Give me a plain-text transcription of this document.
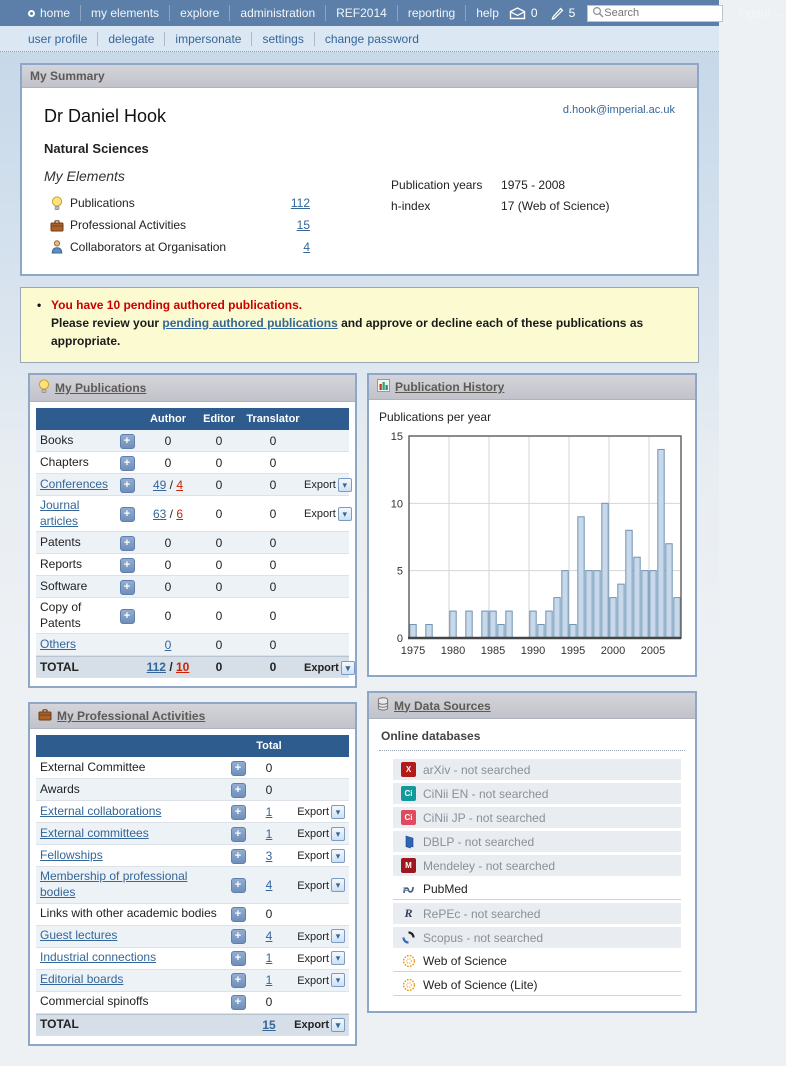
home	my elements	explore	administration	REF2014	reporting	help	0	5
Search	logout →
user profile	delegate	impersonate	settings	change password
My Summary
Dr Daniel Hook
Natural Sciences
My Elements
Publications	112
Professional Activities	15
Collaborators at Organisation	4
d.hook@imperial.ac.uk
Publication years	1975 - 2008
h-index	17 (Web of Science)
• You have 10 pending authored publications.
Please review your pending authored publications and approve or decline each of these publications as appropriate.
My Publications
Author	Editor	Translator
Books	+	0	0	0
Chapters	+	0	0	0
Conferences	+	49 / 4	0	0	Export ▾
Journal articles	+	63 / 6	0	0	Export ▾
Patents	+	0	0	0
Reports	+	0	0	0
Software	+	0	0	0
Copy of Patents	+	0	0	0
Others	0	0	0
TOTAL	112 / 10	0	0	Export ▾
My Professional Activities
Total
External Committee	+	0
Awards	+	0
External collaborations	+	1	Export ▾
External committees	+	1	Export ▾
Fellowships	+	3	Export ▾
Membership of professional bodies	+	4	Export ▾
Links with other academic bodies	+	0
Guest lectures	+	4	Export ▾
Industrial connections	+	1	Export ▾
Editorial boards	+	1	Export ▾
Commercial spinoffs	+	0
TOTAL	15	Export ▾
Publication History
Publications per year
0
5
10
15
1975 1980 1985 1990 1995 2000 2005
My Data Sources
Online databases
X arXiv - not searched
Ci CiNii EN - not searched
Ci CiNii JP - not searched
DBLP - not searched
M Mendeley - not searched
PubMed
R RePEc - not searched
Scopus - not searched
Web of Science
Web of Science (Lite)
